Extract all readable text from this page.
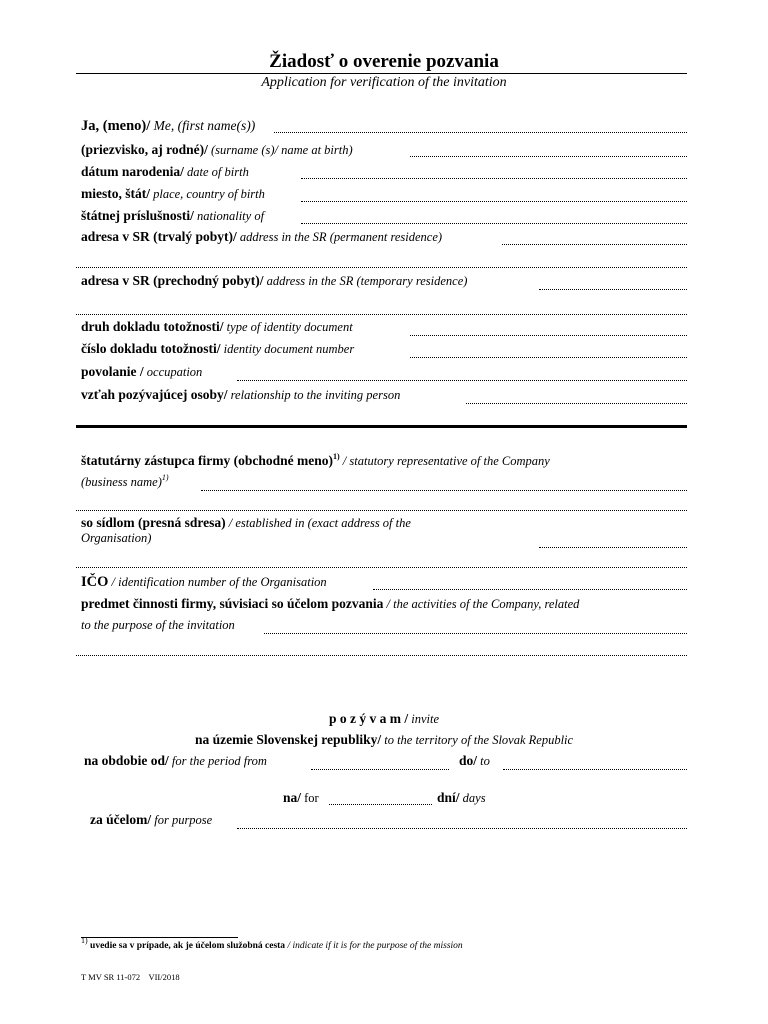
Žiadosť o overenie pozvania
Application for verification of the invitation
Ja, (meno)/ Me, (first name(s))
(priezvisko, aj rodné)/ (surname (s)/ name at birth)
dátum narodenia/ date of birth
miesto, štát/ place, country of birth
štátnej príslušnosti/ nationality of
adresa v SR (trvalý pobyt)/ address in the SR (permanent residence)
adresa v SR (prechodný pobyt)/ address in the SR (temporary residence)
druh dokladu totožnosti/ type of identity document
číslo dokladu totožnosti/ identity document number
povolanie / occupation
vzťah pozývajúcej osoby/ relationship to the inviting person
štatutárny zástupca firmy (obchodné meno)$^{1)}$ / statutory representative of the Company
(business name)$^{1)}$
so sídlom (presná sdresa) / established in (exact address of the
Organisation)
IČO / identification number of the Organisation
predmet činnosti firmy, súvisiaci so účelom pozvania / the activities of the Company, related
to the purpose of the invitation
p o z ý v a m / invite
na územie Slovenskej republiky/ to the territory of the Slovak Republic
na obdobie od/ for the period from	do/ to
na/ for	dní/ days
za účelom/ for purpose
$^{1)}$ uvedie sa v prípade, ak je účelom služobná cesta / indicate if it is for the purpose of the mission
T MV SR 11-072    VII/2018
